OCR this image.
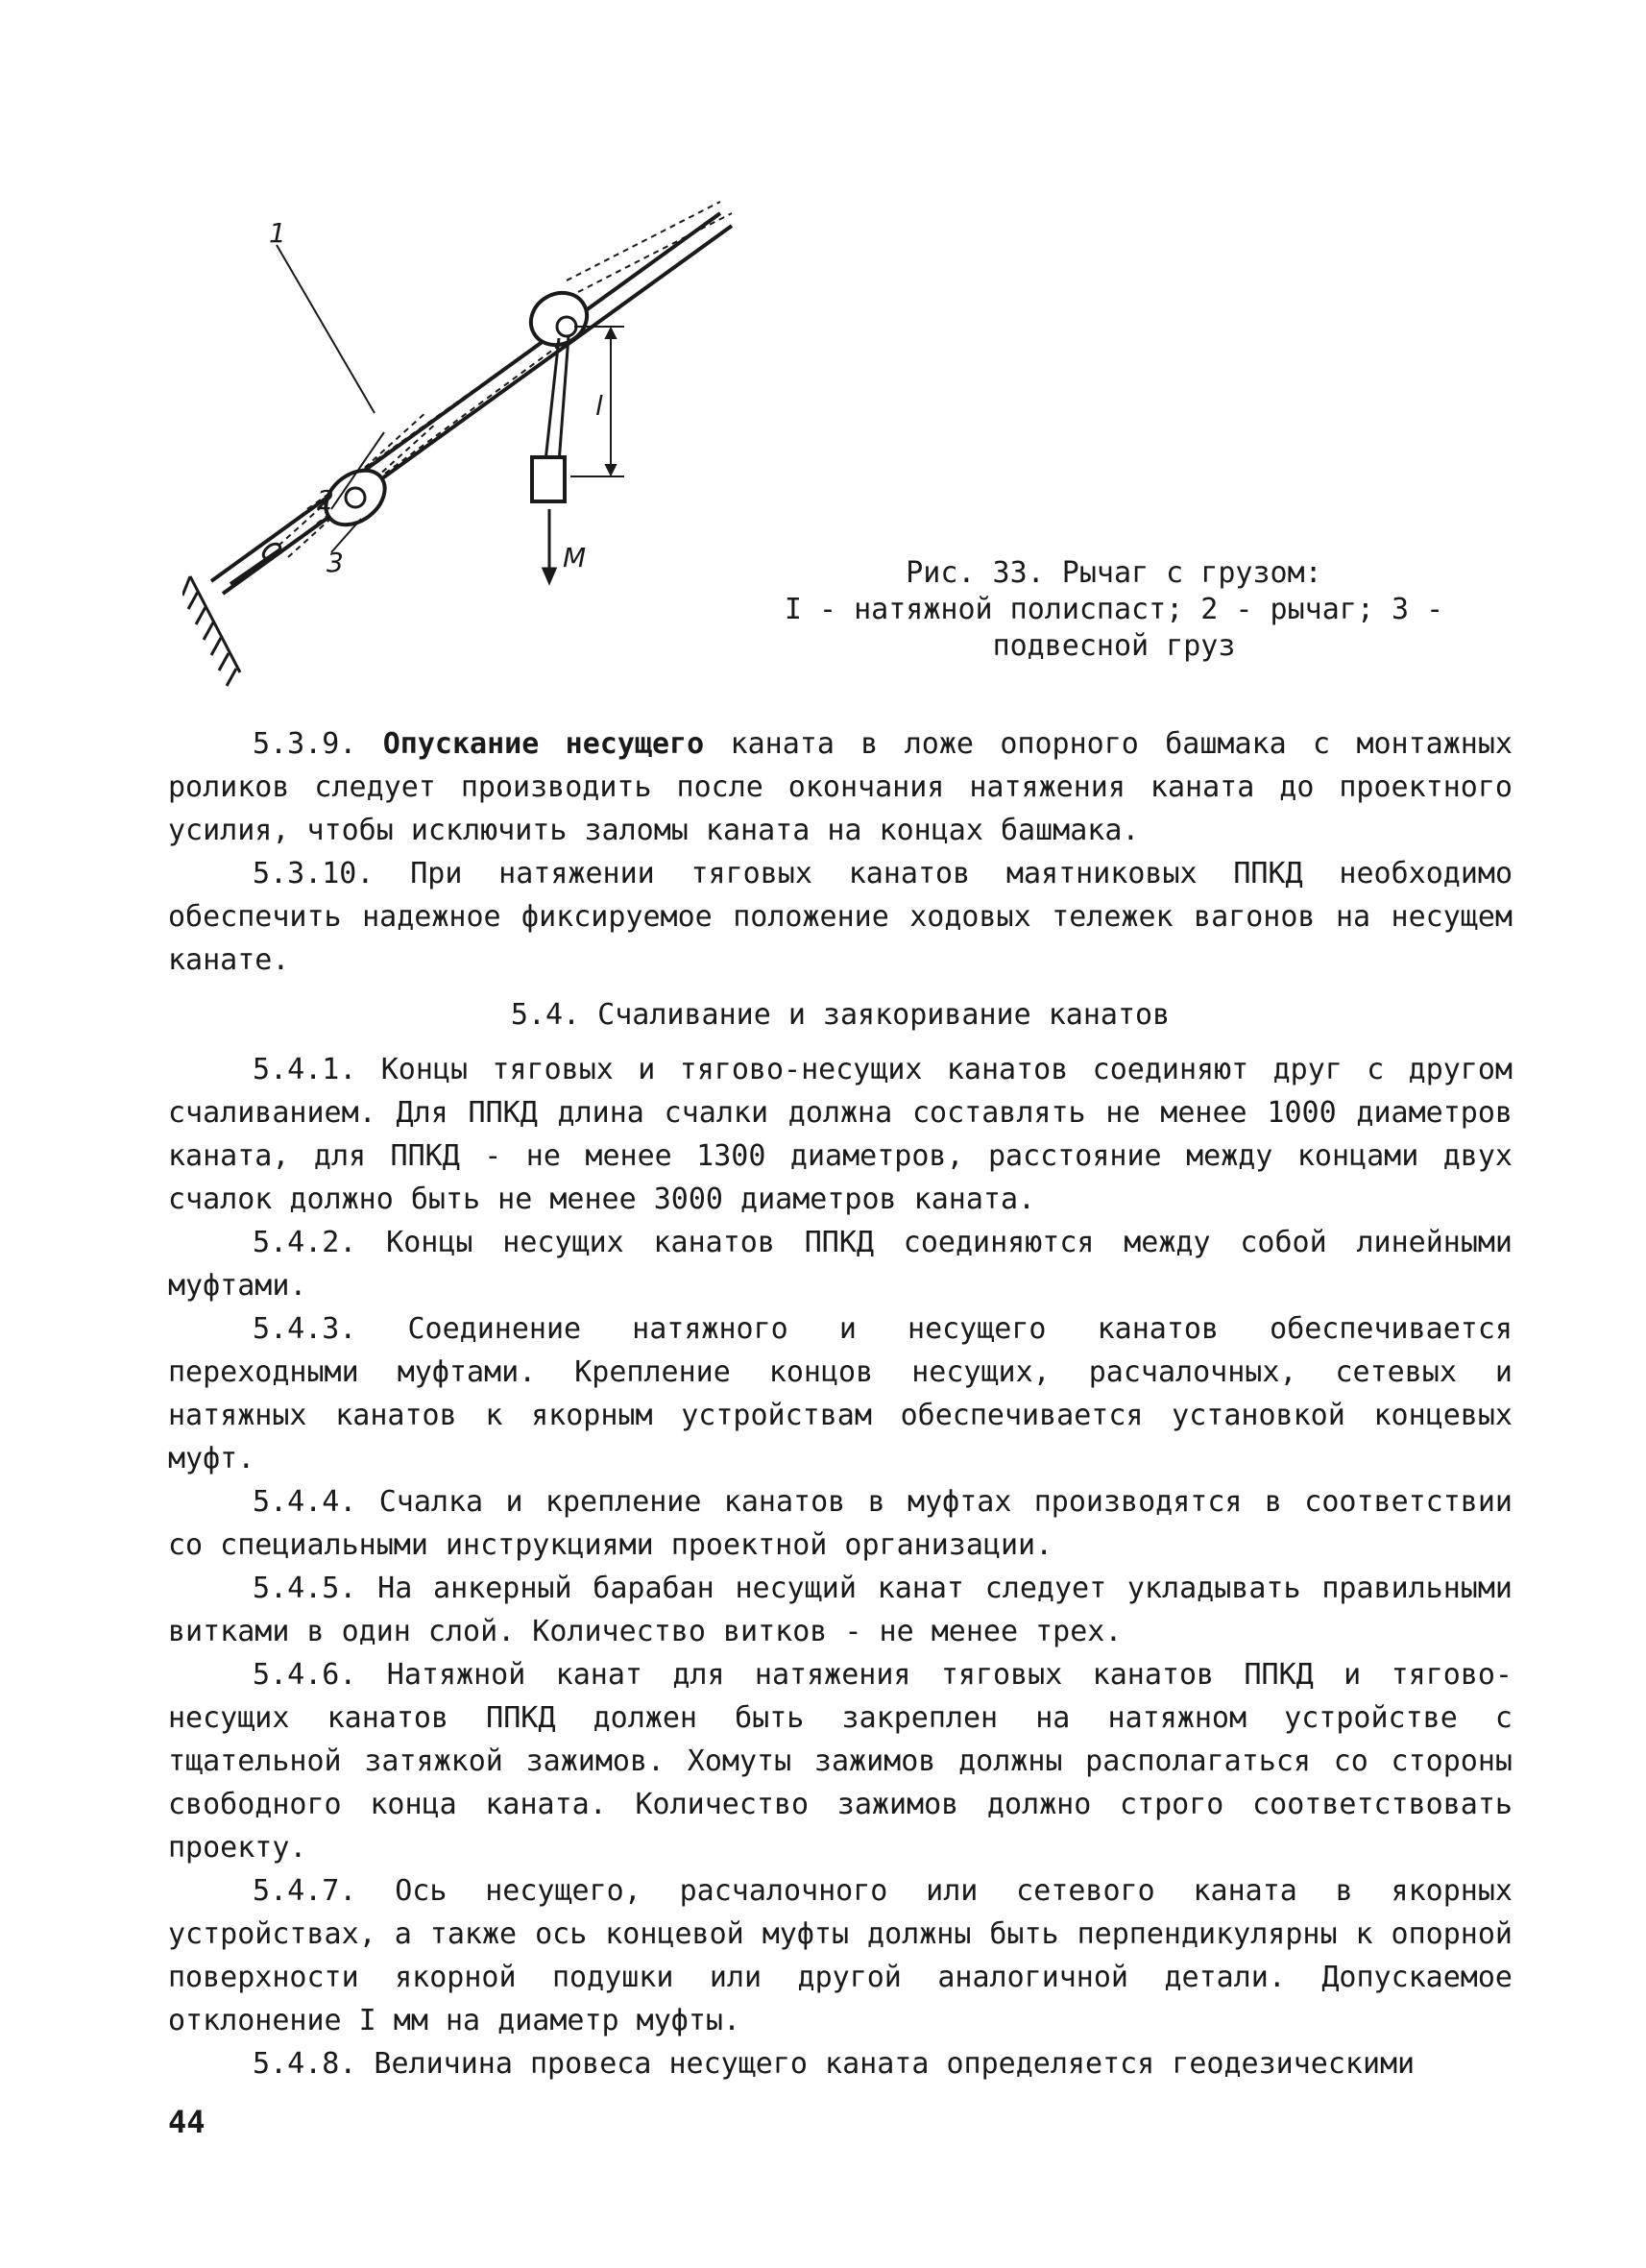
1
2
3
l
M	Рис. 33. Рычаг с грузом:
I - натяжной полиспаст; 2 - рычаг; 3 - подвесной груз

5.3.9. Опускание несущего каната в ложе опорного башмака с монтажных роликов следует производить после окончания натяжения каната до проектного усилия, чтобы исключить заломы каната на концах башмака.

5.3.10. При натяжении тяговых канатов маятниковых ППКД необходимо обеспечить надежное фиксируемое положение ходовых тележек вагонов на несущем канате.

5.4. Счаливание и заякоривание канатов

5.4.1. Концы тяговых и тягово-несущих канатов соединяют друг с другом счаливанием. Для ППКД длина счалки должна составлять не менее 1000 диаметров каната, для ППКД - не менее 1300 диаметров, расстояние между концами двух счалок должно быть не менее 3000 диаметров каната.

5.4.2. Концы несущих канатов ППКД соединяются между собой линейными муфтами.

5.4.3. Соединение натяжного и несущего канатов обеспечивается переходными муфтами. Крепление концов несущих, расчалочных, сетевых и натяжных канатов к якорным устройствам обеспечивается установкой концевых муфт.

5.4.4. Счалка и крепление канатов в муфтах производятся в соответствии со специальными инструкциями проектной организации.

5.4.5. На анкерный барабан несущий канат следует укладывать правильными витками в один слой. Количество витков - не менее трех.

5.4.6. Натяжной канат для натяжения тяговых канатов ППКД и тягово-несущих канатов ППКД должен быть закреплен на натяжном устройстве с тщательной затяжкой зажимов. Хомуты зажимов должны располагаться со стороны свободного конца каната. Количество зажимов должно строго соответствовать проекту.

5.4.7. Ось несущего, расчалочного или сетевого каната в якорных устройствах, а также ось концевой муфты должны быть перпендикулярны к опорной поверхности якорной подушки или другой аналогичной детали. Допускаемое отклонение I мм на диаметр муфты.

5.4.8. Величина провеса несущего каната определяется геодезическими

44
